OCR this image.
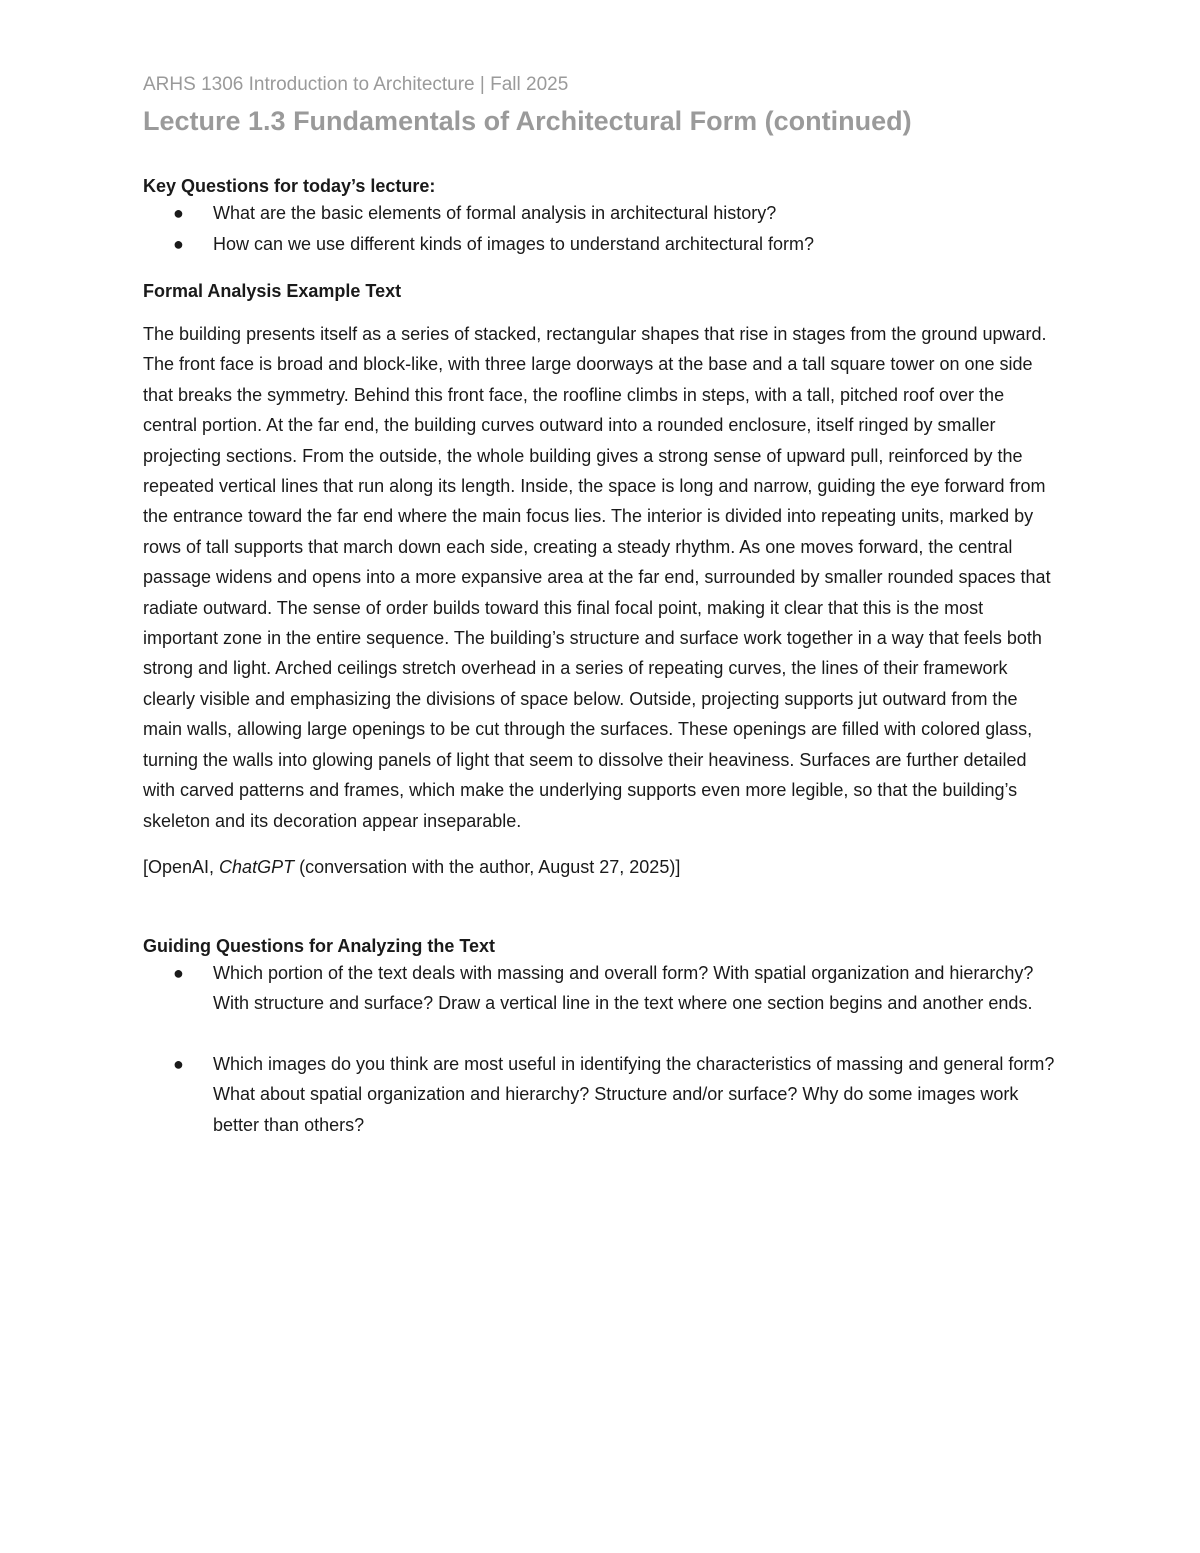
ARHS 1306 Introduction to Architecture | Fall 2025

Lecture 1.3 Fundamentals of Architectural Form (continued)
Key Questions for today’s lecture:
● What are the basic elements of formal analysis in architectural history?
● How can we use different kinds of images to understand architectural form?
Formal Analysis Example Text

The building presents itself as a series of stacked, rectangular shapes that rise in stages from the ground upward. The front face is broad and block-like, with three large doorways at the base and a tall square tower on one side that breaks the symmetry. Behind this front face, the roofline climbs in steps, with a tall, pitched roof over the central portion. At the far end, the building curves outward into a rounded enclosure, itself ringed by smaller projecting sections. From the outside, the whole building gives a strong sense of upward pull, reinforced by the repeated vertical lines that run along its length. Inside, the space is long and narrow, guiding the eye forward from the entrance toward the far end where the main focus lies. The interior is divided into repeating units, marked by rows of tall supports that march down each side, creating a steady rhythm. As one moves forward, the central passage widens and opens into a more expansive area at the far end, surrounded by smaller rounded spaces that radiate outward. The sense of order builds toward this final focal point, making it clear that this is the most important zone in the entire sequence. The building’s structure and surface work together in a way that feels both strong and light. Arched ceilings stretch overhead in a series of repeating curves, the lines of their framework clearly visible and emphasizing the divisions of space below. Outside, projecting supports jut outward from the main walls, allowing large openings to be cut through the surfaces. These openings are filled with colored glass, turning the walls into glowing panels of light that seem to dissolve their heaviness. Surfaces are further detailed with carved patterns and frames, which make the underlying supports even more legible, so that the building’s skeleton and its decoration appear inseparable.

[OpenAI, ChatGPT (conversation with the author, August 27, 2025)]

Guiding Questions for Analyzing the Text
● Which portion of the text deals with massing and overall form? With spatial organization and hierarchy? With structure and surface? Draw a vertical line in the text where one section begins and another ends.
● Which images do you think are most useful in identifying the characteristics of massing and general form? What about spatial organization and hierarchy? Structure and/or surface? Why do some images work better than others?
